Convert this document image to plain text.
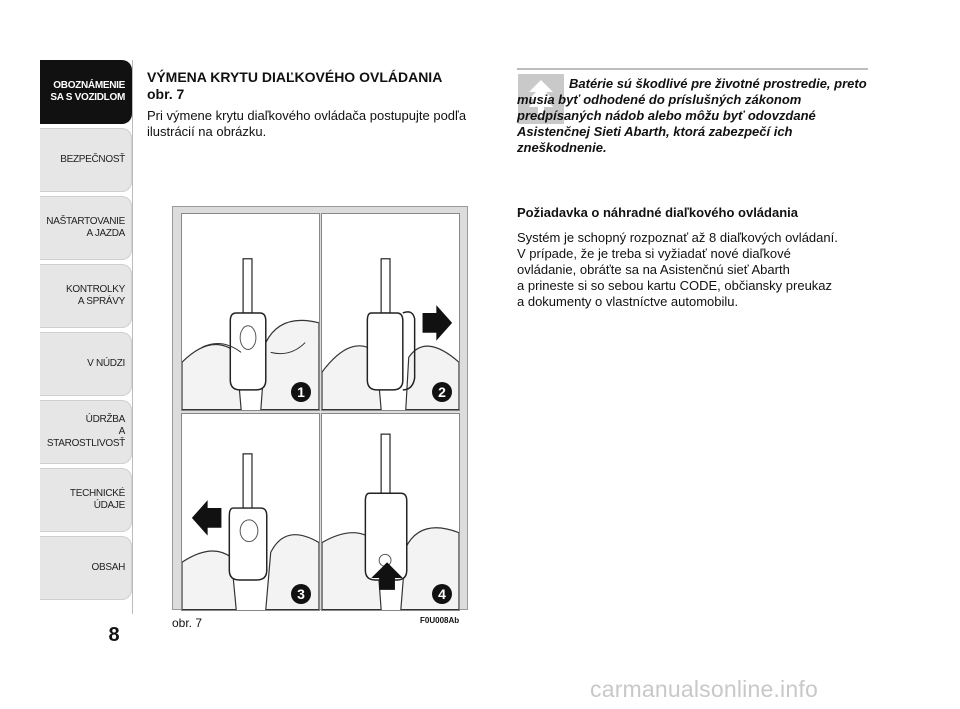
OBOZNÁMENIE
SA S VOZIDLOM
BEZPEČNOSŤ
NAŠTARTOVANIE
A JAZDA
KONTROLKY
A SPRÁVY
V NÚDZI
ÚDRŽBA
A STAROSTLIVOSŤ
TECHNICKÉ
ÚDAJE
OBSAH
8
VÝMENA KRYTU DIAĽKOVÉHO OVLÁDANIA
obr. 7
Pri výmene krytu diaľkového ovládača postupujte podľa ilustrácií na obrázku.
1	2
3	4
obr. 7	F0U008Ab
Batérie sú škodlivé pre životné prostredie, preto musia byť odhodené do príslušných zákonom predpísaných nádob alebo môžu byť odovzdané Asistenčnej Sieti Abarth, ktorá zabezpečí ich zneškodnenie.
Požiadavka o náhradné diaľkového ovládania
Systém je schopný rozpoznať až 8 diaľkových ovládaní.
V prípade, že je treba si vyžiadať nové diaľkové
ovládanie, obráťte sa na Asistenčnú sieť Abarth
a prineste si so sebou kartu CODE, občiansky preukaz
a dokumenty o vlastníctve automobilu.
carmanualsonline.info
